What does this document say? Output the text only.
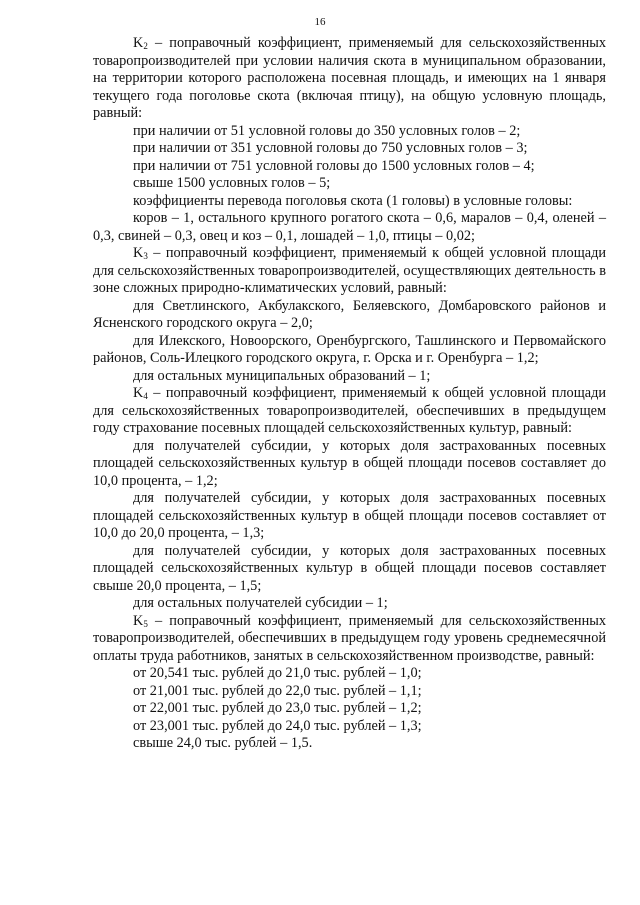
16

$K_2$ – поправочный коэффициент, применяемый для сельскохозяйственных товаропроизводителей при условии наличия скота в муниципальном образовании, на территории которого расположена посевная площадь, и имеющих на 1 января текущего года поголовье скота (включая птицу), на общую условную площадь, равный:

при наличии от 51 условной головы до 350 условных голов – 2;

при наличии от 351 условной головы до 750 условных голов – 3;

при наличии от 751 условной головы до 1500 условных голов – 4;

свыше 1500 условных голов – 5;

коэффициенты перевода поголовья скота (1 головы) в условные головы:

коров – 1, остального крупного рогатого скота – 0,6, маралов – 0,4, оленей – 0,3, свиней – 0,3, овец и коз – 0,1, лошадей – 1,0, птицы – 0,02;

$K_3$ – поправочный коэффициент, применяемый к общей условной площади для сельскохозяйственных товаропроизводителей, осуществляющих деятельность в зоне сложных природно-климатических условий, равный:

для Светлинского, Акбулакского, Беляевского, Домбаровского районов и Ясненского городского округа – 2,0;

для Илекского, Новоорского, Оренбургского, Ташлинского и Первомайского районов, Соль-Илецкого городского округа, г. Орска и г. Оренбурга – 1,2;

для остальных муниципальных образований – 1;

$K_4$ – поправочный коэффициент, применяемый к общей условной площади для сельскохозяйственных товаропроизводителей, обеспечивших в предыдущем году страхование посевных площадей сельскохозяйственных культур, равный:

для получателей субсидии, у которых доля застрахованных посевных площадей сельскохозяйственных культур в общей площади посевов составляет до 10,0 процента, – 1,2;

для получателей субсидии, у которых доля застрахованных посевных площадей сельскохозяйственных культур в общей площади посевов составляет от 10,0 до 20,0 процента, – 1,3;

для получателей субсидии, у которых доля застрахованных посевных площадей сельскохозяйственных культур в общей площади посевов составляет свыше 20,0 процента, – 1,5;

для остальных получателей субсидии – 1;

$K_5$ – поправочный коэффициент, применяемый для сельскохозяйственных товаропроизводителей, обеспечивших в предыдущем году уровень среднемесячной оплаты труда работников, занятых в сельскохозяйственном производстве, равный:

от 20,541 тыс. рублей до 21,0 тыс. рублей – 1,0;

от 21,001 тыс. рублей до 22,0 тыс. рублей – 1,1;

от 22,001 тыс. рублей до 23,0 тыс. рублей – 1,2;

от 23,001 тыс. рублей до 24,0 тыс. рублей – 1,3;

свыше 24,0 тыс. рублей – 1,5.
